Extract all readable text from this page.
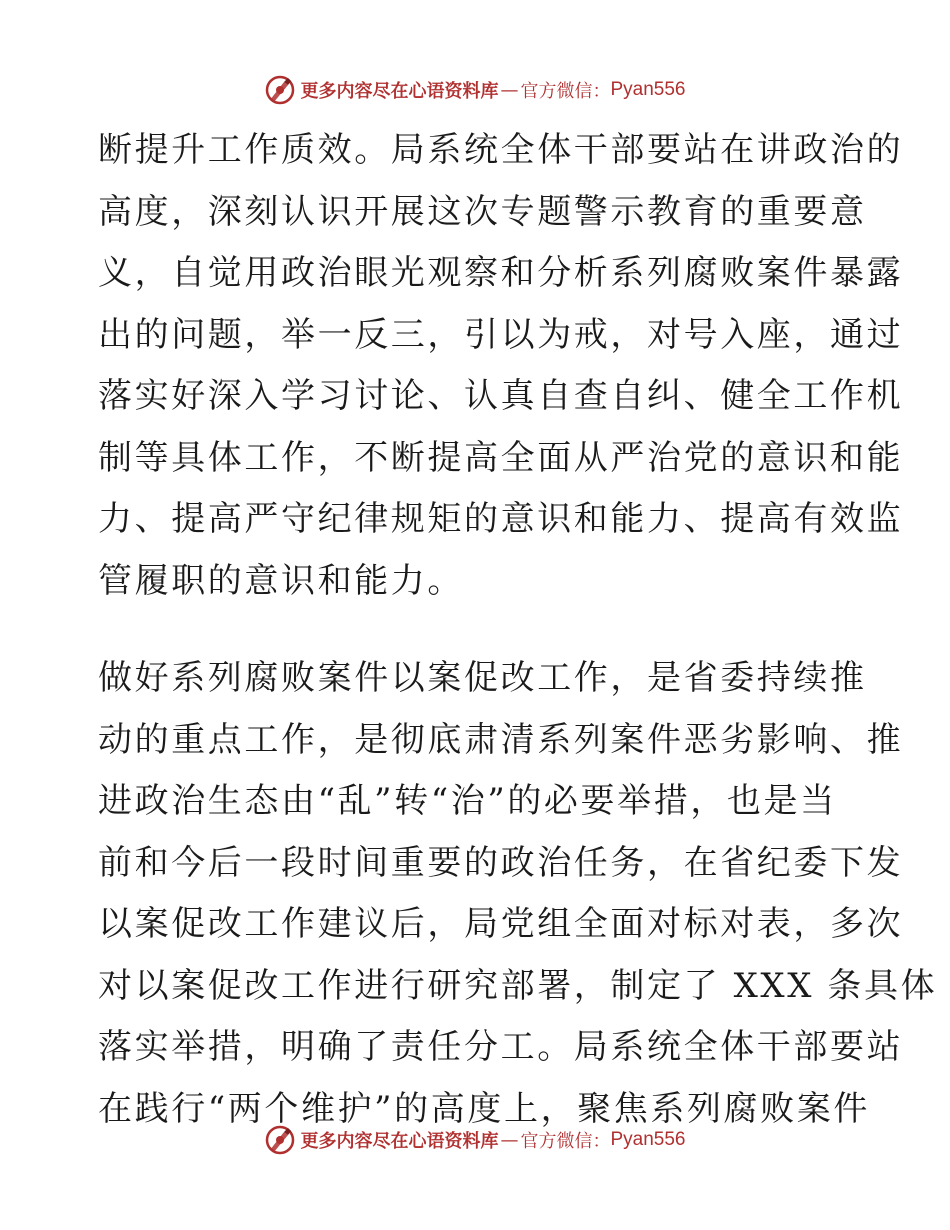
更多内容尽在心语资料库 — 官方微信： Pyan556
断提升工作质效。局系统全体干部要站在讲政治的
高度，深刻认识开展这次专题警示教育的重要意
义，自觉用政治眼光观察和分析系列腐败案件暴露
出的问题，举一反三，引以为戒，对号入座，通过
落实好深入学习讨论、认真自查自纠、健全工作机
制等具体工作，不断提高全面从严治党的意识和能
力、提高严守纪律规矩的意识和能力、提高有效监
管履职的意识和能力。
做好系列腐败案件以案促改工作，是省委持续推
动的重点工作，是彻底肃清系列案件恶劣影响、推
进政治生态由“乱”转“治”的必要举措，也是当
前和今后一段时间重要的政治任务，在省纪委下发
以案促改工作建议后，局党组全面对标对表，多次
对以案促改工作进行研究部署，制定了 XXX 条具体
落实举措，明确了责任分工。局系统全体干部要站
在践行“两个维护”的高度上，聚焦系列腐败案件
更多内容尽在心语资料库 — 官方微信： Pyan556
